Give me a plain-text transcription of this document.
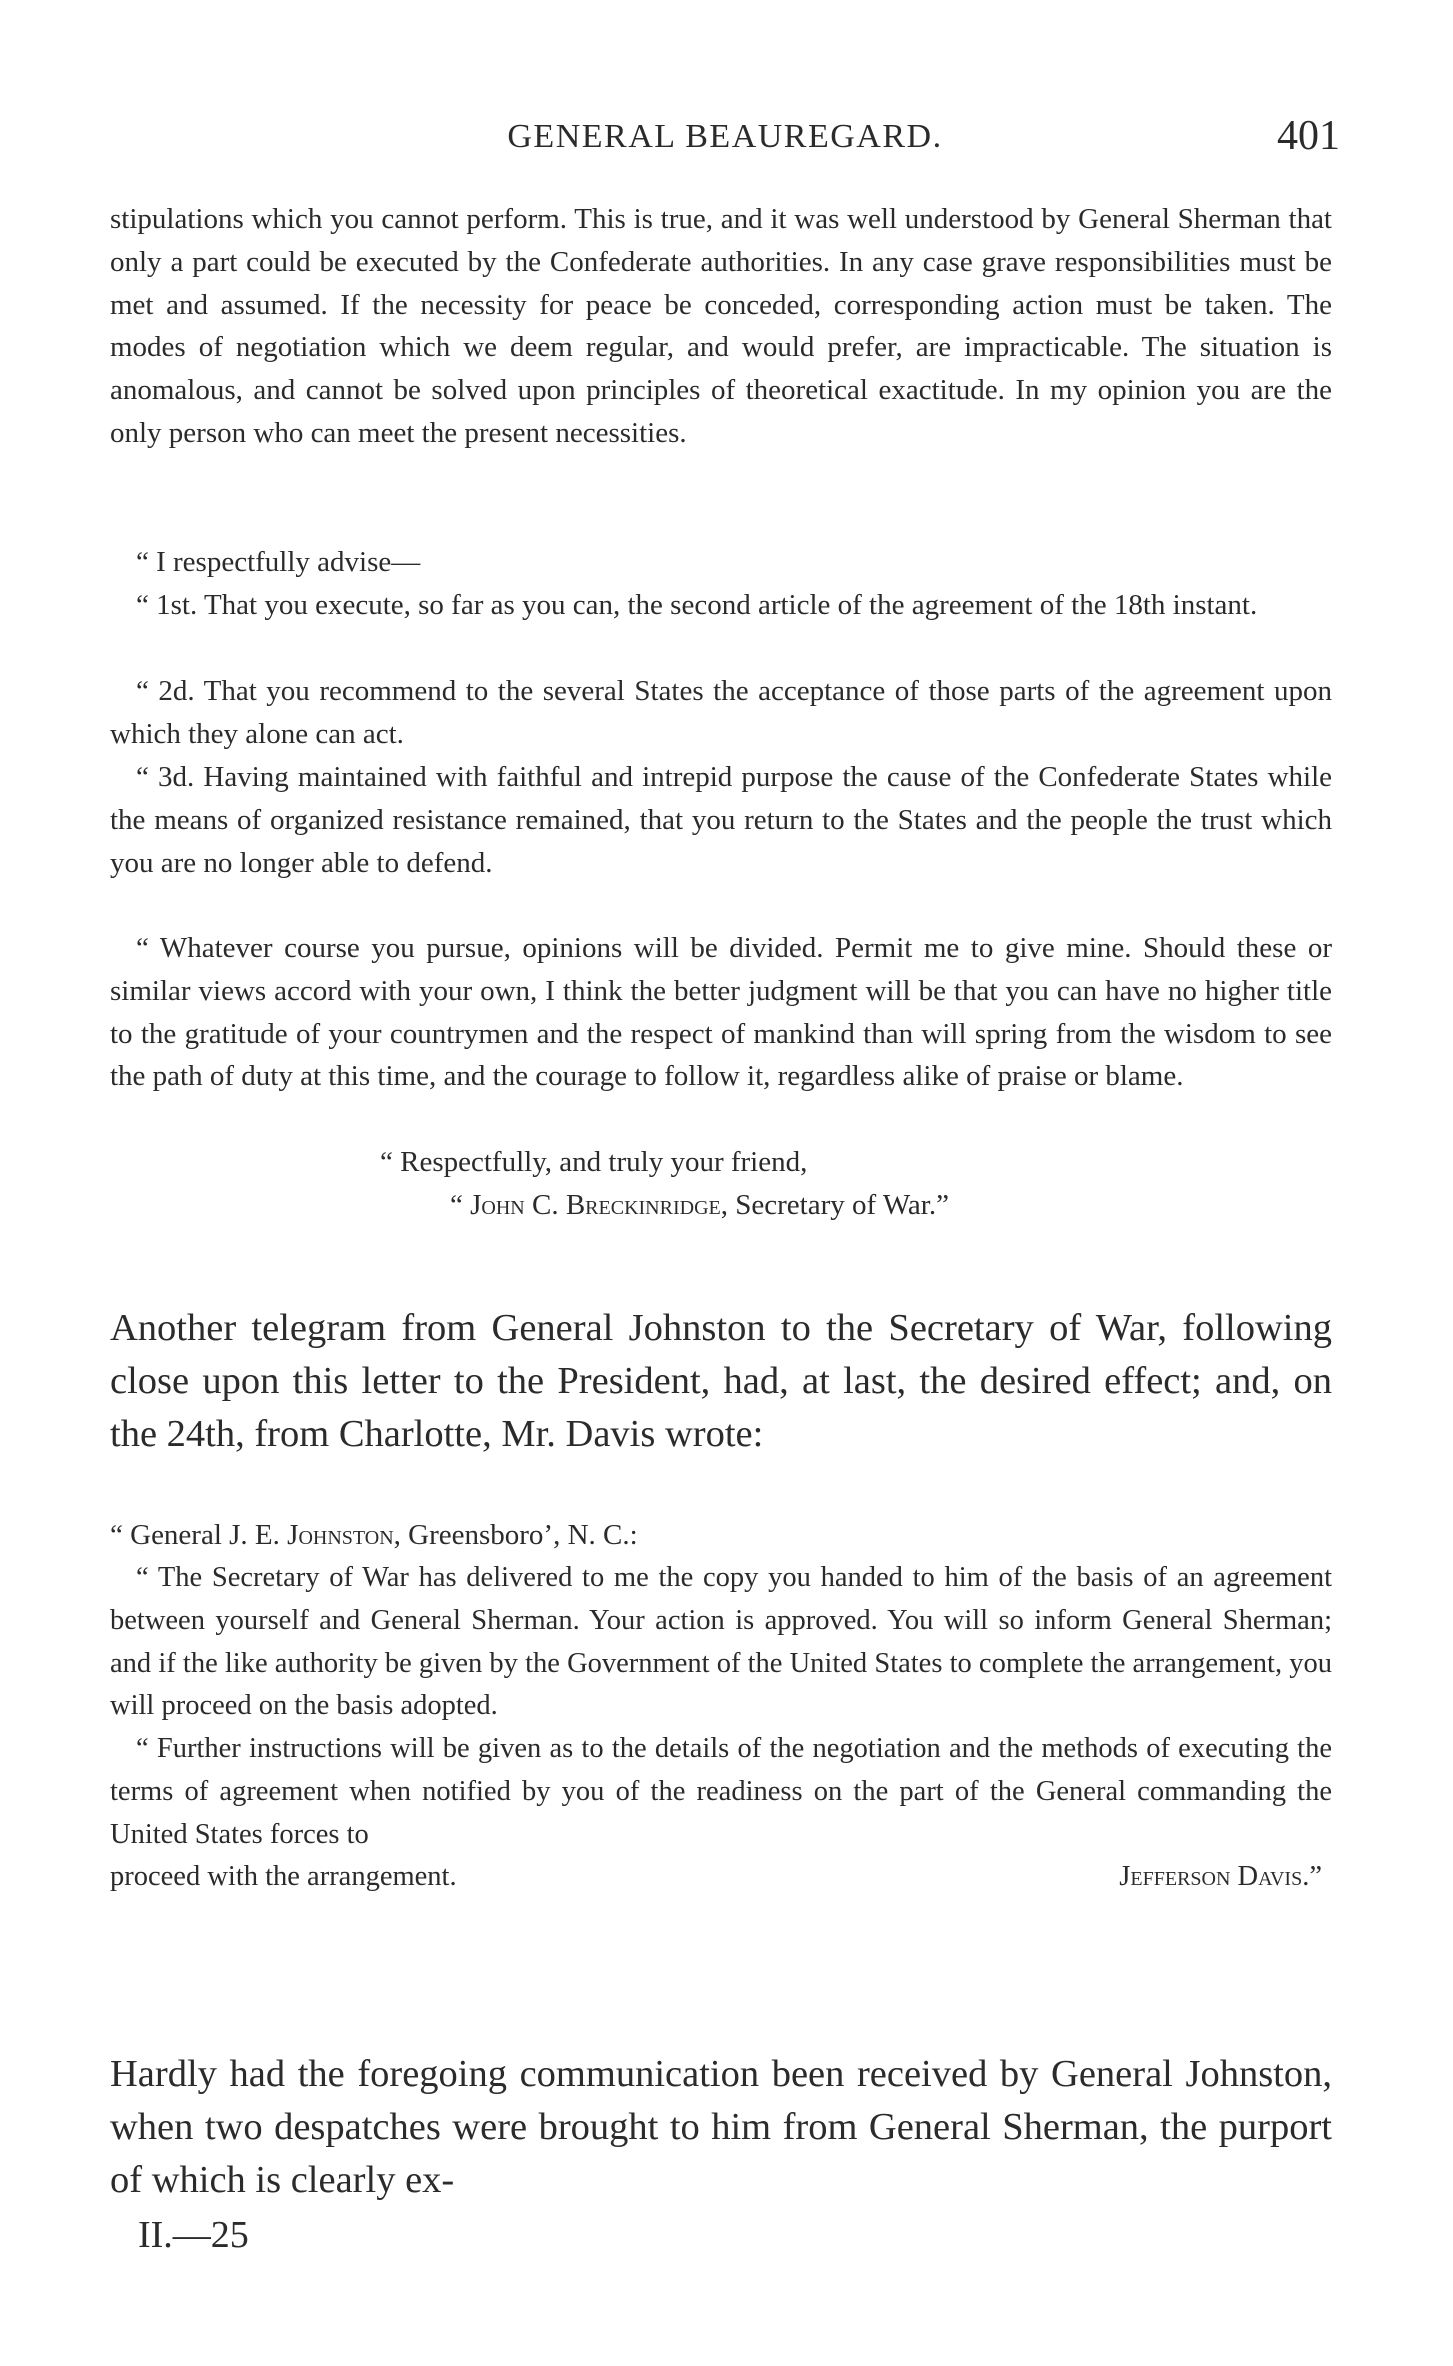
GENERAL BEAUREGARD.	401

stipulations which you cannot perform. This is true, and it was well understood by General Sherman that only a part could be executed by the Confederate authorities. In any case grave responsibilities must be met and assumed. If the necessity for peace be conceded, corresponding action must be taken. The modes of negotiation which we deem regular, and would prefer, are impracticable. The situation is anomalous, and cannot be solved upon principles of theoretical exactitude. In my opinion you are the only person who can meet the present necessities.

“ I respectfully advise—

“ 1st. That you execute, so far as you can, the second article of the agreement of the 18th instant.

“ 2d. That you recommend to the several States the acceptance of those parts of the agreement upon which they alone can act.

“ 3d. Having maintained with faithful and intrepid purpose the cause of the Confederate States while the means of organized resistance remained, that you return to the States and the people the trust which you are no longer able to defend.

“ Whatever course you pursue, opinions will be divided. Permit me to give mine. Should these or similar views accord with your own, I think the better judgment will be that you can have no higher title to the gratitude of your countrymen and the respect of mankind than will spring from the wisdom to see the path of duty at this time, and the courage to follow it, regardless alike of praise or blame.

“ Respectfully, and truly your friend,
“ John C. Breckinridge, Secretary of War.”

Another telegram from General Johnston to the Secretary of War, following close upon this letter to the President, had, at last, the desired effect; and, on the 24th, from Charlotte, Mr. Davis wrote:

“ General J. E. Johnston, Greensboro’, N. C.:

“ The Secretary of War has delivered to me the copy you handed to him of the basis of an agreement between yourself and General Sherman. Your action is approved. You will so inform General Sherman; and if the like authority be given by the Government of the United States to complete the arrangement, you will proceed on the basis adopted.

“ Further instructions will be given as to the details of the negotiation and the methods of executing the terms of agreement when notified by you of the readiness on the part of the General commanding the United States forces to

proceed with the arrangement.	Jefferson Davis.”

Hardly had the foregoing communication been received by General Johnston, when two despatches were brought to him from General Sherman, the purport of which is clearly ex-

II.—25
